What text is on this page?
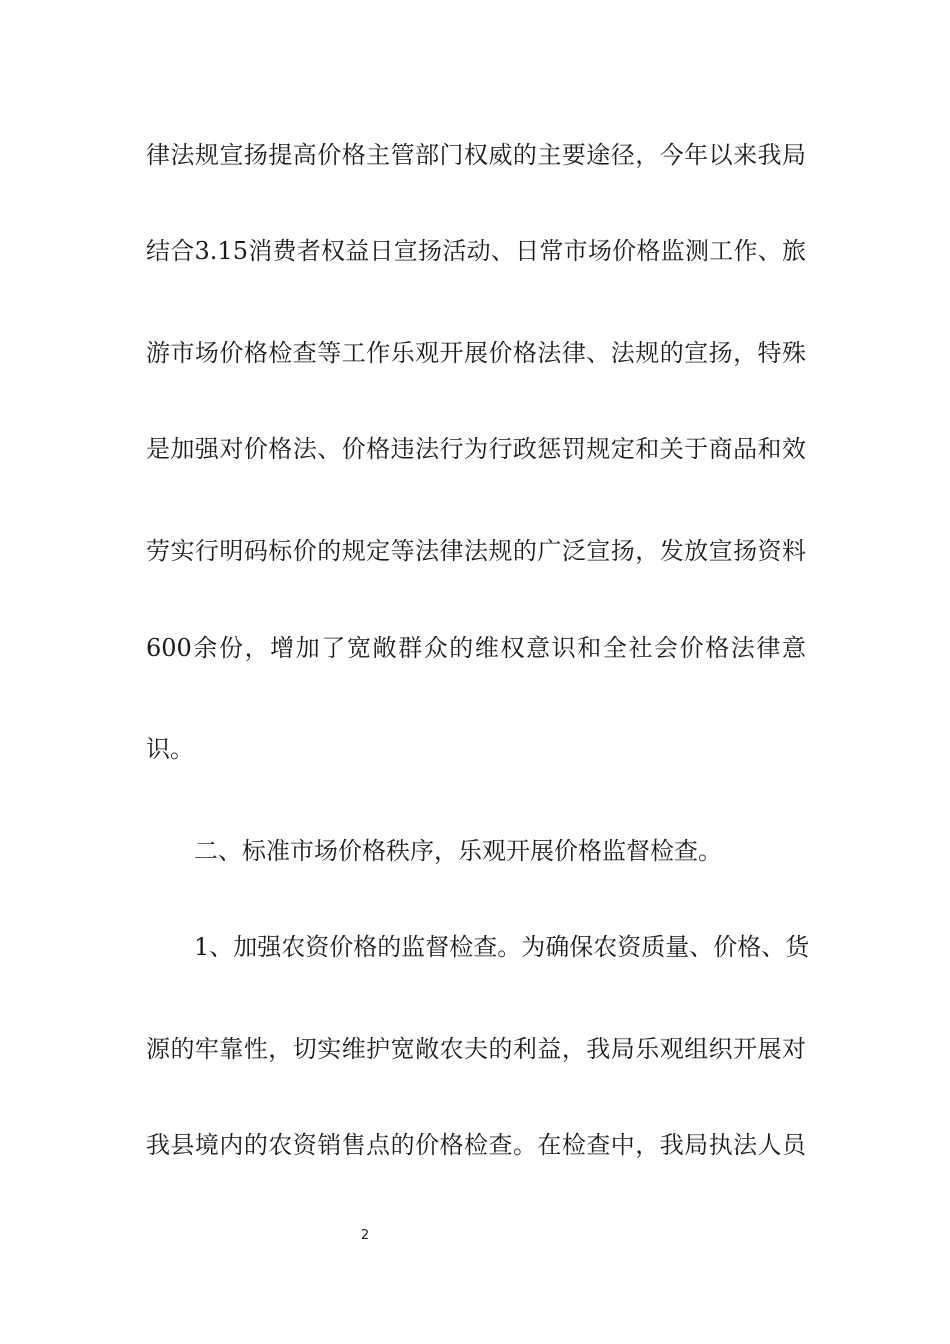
律法规宣扬提高价格主管部门权威的主要途径，今年以来我局
结合3.15消费者权益日宣扬活动、日常市场价格监测工作、旅
游市场价格检查等工作乐观开展价格法律、法规的宣扬，特殊
是加强对价格法、价格违法行为行政惩罚规定和关于商品和效
劳实行明码标价的规定等法律法规的广泛宣扬，发放宣扬资料
600余份，增加了宽敞群众的维权意识和全社会价格法律意
识。
二、标准市场价格秩序，乐观开展价格监督检查。
1、加强农资价格的监督检查。为确保农资质量、价格、货
源的牢靠性，切实维护宽敞农夫的利益，我局乐观组织开展对
我县境内的农资销售点的价格检查。在检查中，我局执法人员
2
